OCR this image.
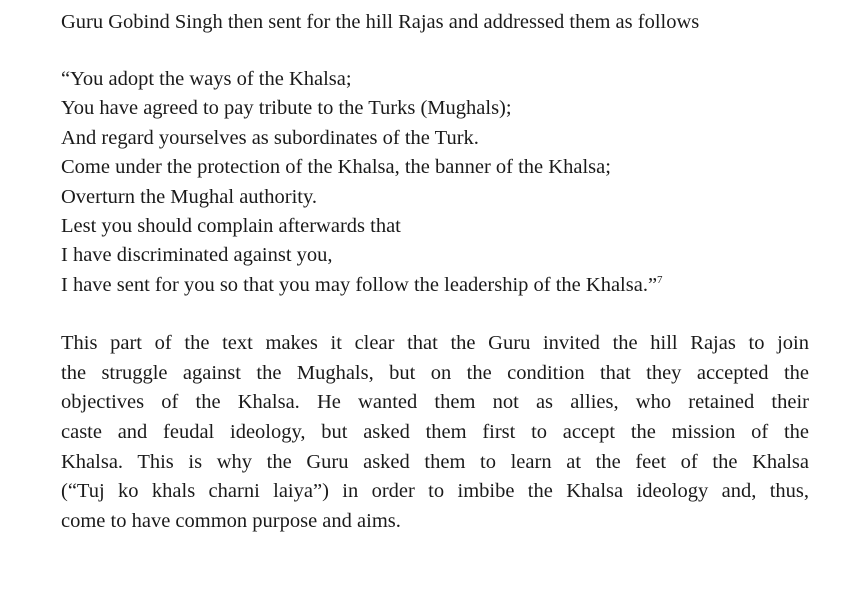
Guru Gobind Singh then sent for the hill Rajas and addressed them as follows
“You adopt the ways of the Khalsa;
You have agreed to pay tribute to the Turks (Mughals);
And regard yourselves as subordinates of the Turk.
Come under the protection of the Khalsa, the banner of the Khalsa;
Overturn the Mughal authority.
Lest you should complain afterwards that
I have discriminated against you,
I have sent for you so that you may follow the leadership of the Khalsa.”$^7$
This part of the text makes it clear that the Guru invited the hill Rajas to join
the struggle against the Mughals, but on the condition that they accepted the
objectives of the Khalsa. He wanted them not as allies, who retained their
caste and feudal ideology, but asked them first to accept the mission of the
Khalsa. This is why the Guru asked them to learn at the feet of the Khalsa
(“Tuj ko khals charni laiya”) in order to imbibe the Khalsa ideology and, thus,
come to have common purpose and aims.
